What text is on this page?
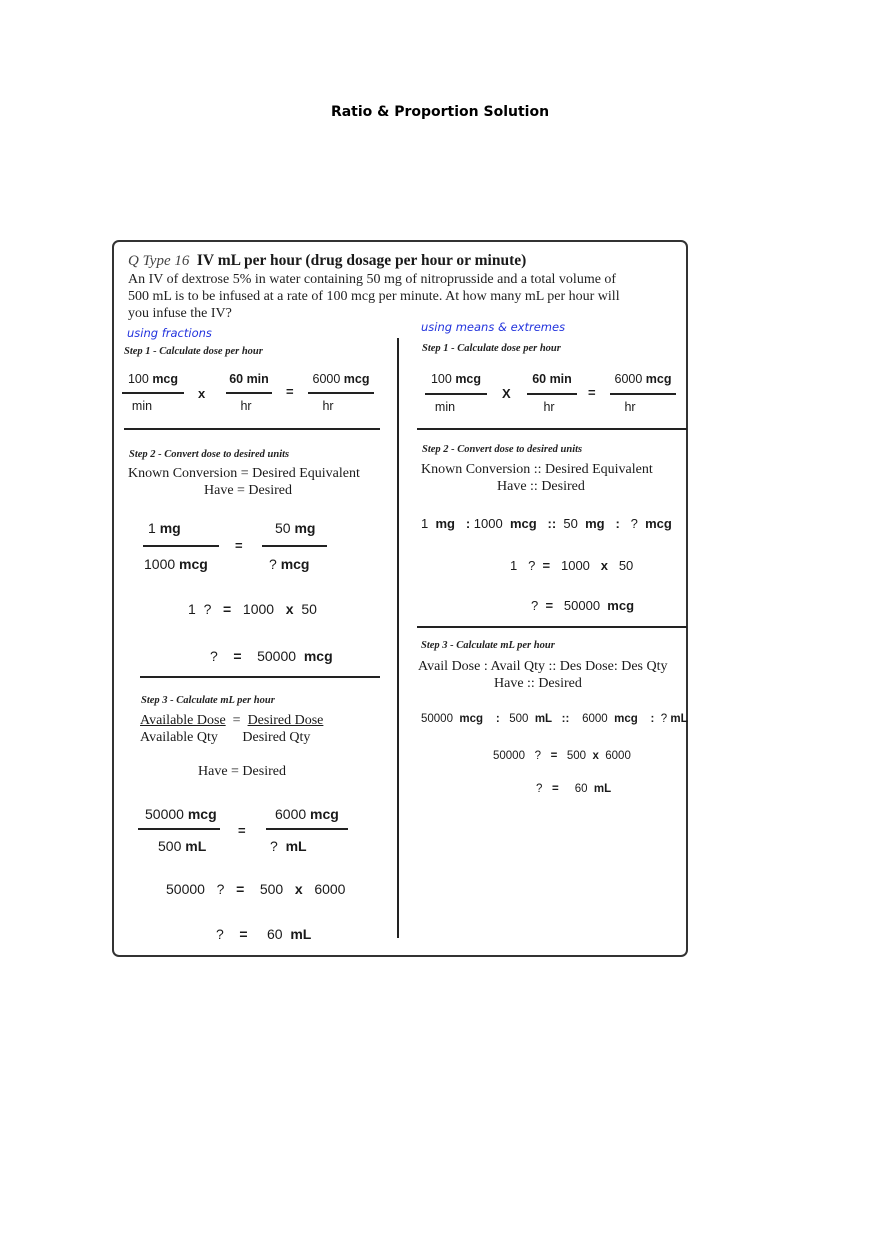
Ratio & Proportion Solution
Q Type 16 IV mL per hour (drug dosage per hour or minute)
An IV of dextrose 5% in water containing 50 mg of nitroprusside and a total volume of
500 mL is to be infused at a rate of 100 mcg per minute. At how many mL per hour will
you infuse the IV?
using fractions	using means & extremes
Step 1 - Calculate dose per hour
100 mcg
min
x
60 min
hr
=
6000 mcg
hr
Step 2 - Convert dose to desired units
Known Conversion = Desired Equivalent
Have = Desired
1 mg
1000 mcg
=
50 mg
? mcg
1 ? = 1000 x 50
? = 50000 mcg
Step 3 - Calculate mL per hour
Available Dose = Desired Dose
Available Qty Desired Qty
Have = Desired
50000 mcg
500 mL
=
6000 mcg
? mL
50000 ? = 500 x 6000
? = 60 mL
Step 1 - Calculate dose per hour
100 mcg
min
X
60 min
hr
=
6000 mcg
hr
Step 2 - Convert dose to desired units
Known Conversion :: Desired Equivalent
Have :: Desired
1 mg : 1000 mcg :: 50 mg : ? mcg
1 ? = 1000 x 50
? = 50000 mcg
Step 3 - Calculate mL per hour
Avail Dose : Avail Qty :: Des Dose: Des Qty
Have :: Desired
50000 mcg : 500 mL :: 6000 mcg : ? mL
50000 ? = 500 x 6000
? = 60 mL
